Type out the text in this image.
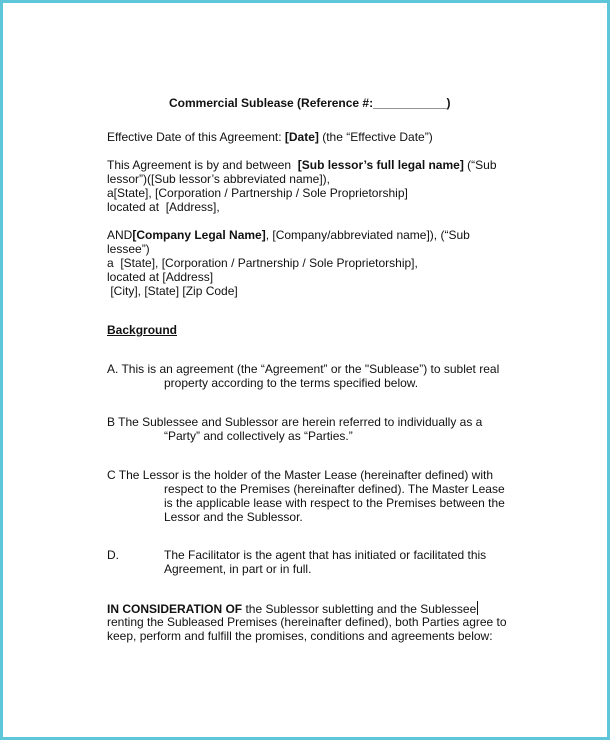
Commercial Sublease (Reference #:___________)
Effective Date of this Agreement: [Date] (the “Effective Date”)
This Agreement is by and between  [Sub lessor’s full legal name] (“Sub
lessor”)([Sub lessor’s abbreviated name]),
a[State], [Corporation / Partnership / Sole Proprietorship]
located at  [Address],
AND[Company Legal Name], [Company/abbreviated name]), (“Sub
lessee”)
a  [State], [Corporation / Partnership / Sole Proprietorship],
located at [Address]
[City], [State] [Zip Code]
Background
A. This is an agreement (the “Agreement” or the "Sublease”) to sublet real
property according to the terms specified below.
B The Sublessee and Sublessor are herein referred to individually as a
“Party” and collectively as “Parties.”
C The Lessor is the holder of the Master Lease (hereinafter defined) with
respect to the Premises (hereinafter defined). The Master Lease
is the applicable lease with respect to the Premises between the
Lessor and the Sublessor.
D.	The Facilitator is the agent that has initiated or facilitated this
Agreement, in part or in full.
IN CONSIDERATION OF the Sublessor subletting and the Sublessee
renting the Subleased Premises (hereinafter defined), both Parties agree to
keep, perform and fulfill the promises, conditions and agreements below:
